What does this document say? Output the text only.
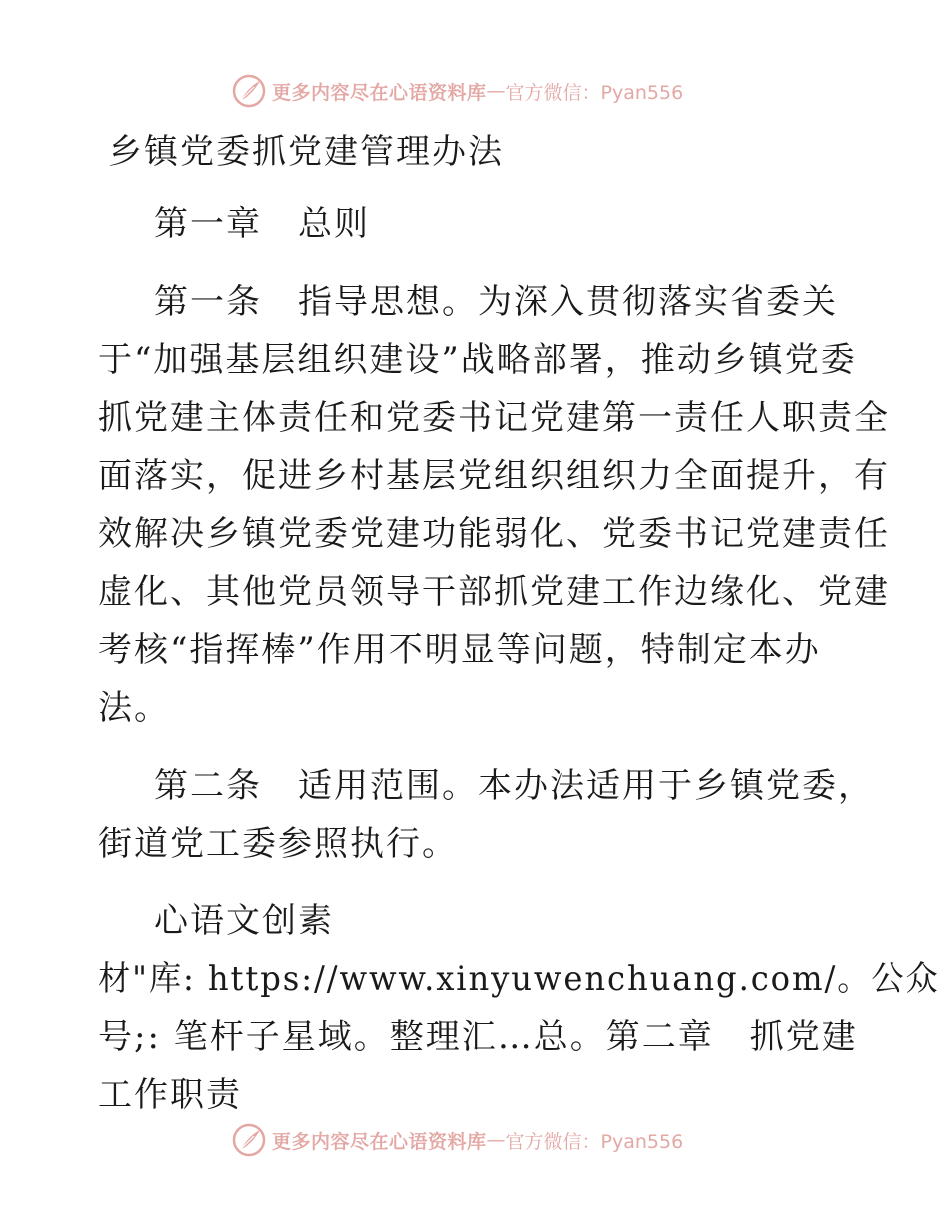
更多内容尽在心语资料库 — 官方微信：Pyan556
乡镇党委抓党建管理办法

第一章　总则

第一条　指导思想。为深入贯彻落实省委关

于“加强基层组织建设”战略部署，推动乡镇党委

抓党建主体责任和党委书记党建第一责任人职责全

面落实，促进乡村基层党组织组织力全面提升，有

效解决乡镇党委党建功能弱化、党委书记党建责任

虚化、其他党员领导干部抓党建工作边缘化、党建

考核“指挥棒”作用不明显等问题，特制定本办

法。

第二条　适用范围。本办法适用于乡镇党委，

街道党工委参照执行。

心语文创素

材"库: https://www.xinyuwenchuang.com/。公众

号;: 笔杆子星域。整理汇…总。第二章　抓党建

工作职责

更多内容尽在心语资料库 — 官方微信：Pyan556
